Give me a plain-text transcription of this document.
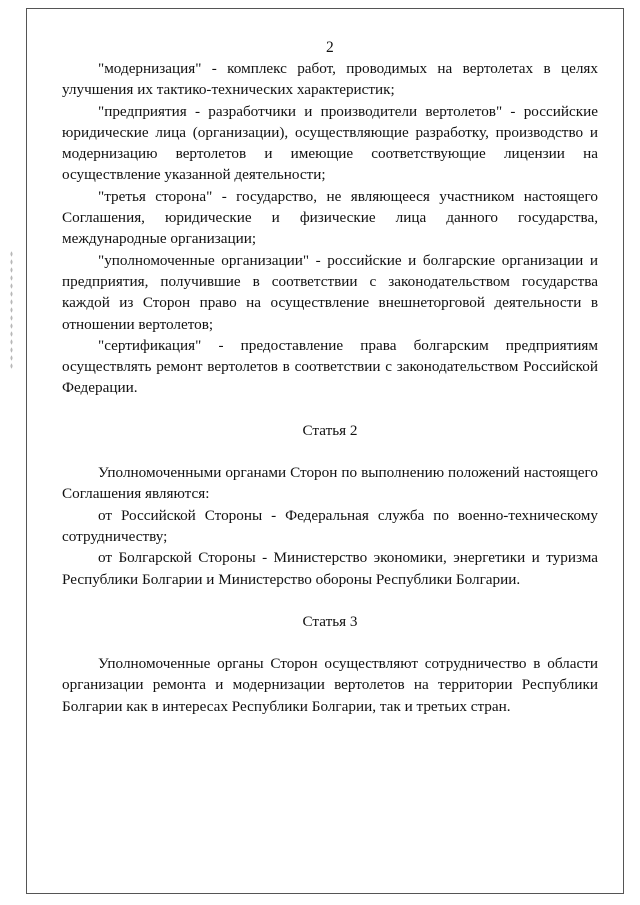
2

"модернизация" - комплекс работ, проводимых на вертолетах в целях улучшения их тактико-технических характеристик;

"предприятия - разработчики и производители вертолетов" - российские юридические лица (организации), осуществляющие разработку, производство и модернизацию вертолетов и имеющие соответствующие лицензии на осуществление указанной деятельности;

"третья сторона" - государство, не являющееся участником настоящего Соглашения, юридические и физические лица данного государства, международные организации;

"уполномоченные организации" - российские и болгарские организации и предприятия, получившие в соответствии с законодательством государства каждой из Сторон право на осуществление внешнеторговой деятельности в отношении вертолетов;

"сертификация" - предоставление права болгарским предприятиям осуществлять ремонт вертолетов в соответствии с законодательством Российской Федерации.

Статья 2

Уполномоченными органами Сторон по выполнению положений настоящего Соглашения являются:

от Российской Стороны - Федеральная служба по военно-техническому сотрудничеству;

от Болгарской Стороны - Министерство экономики, энергетики и туризма Республики Болгарии и Министерство обороны Республики Болгарии.

Статья 3

Уполномоченные органы Сторон осуществляют сотрудничество в области организации ремонта и модернизации вертолетов на территории Республики Болгарии как в интересах Республики Болгарии, так и третьих стран.
